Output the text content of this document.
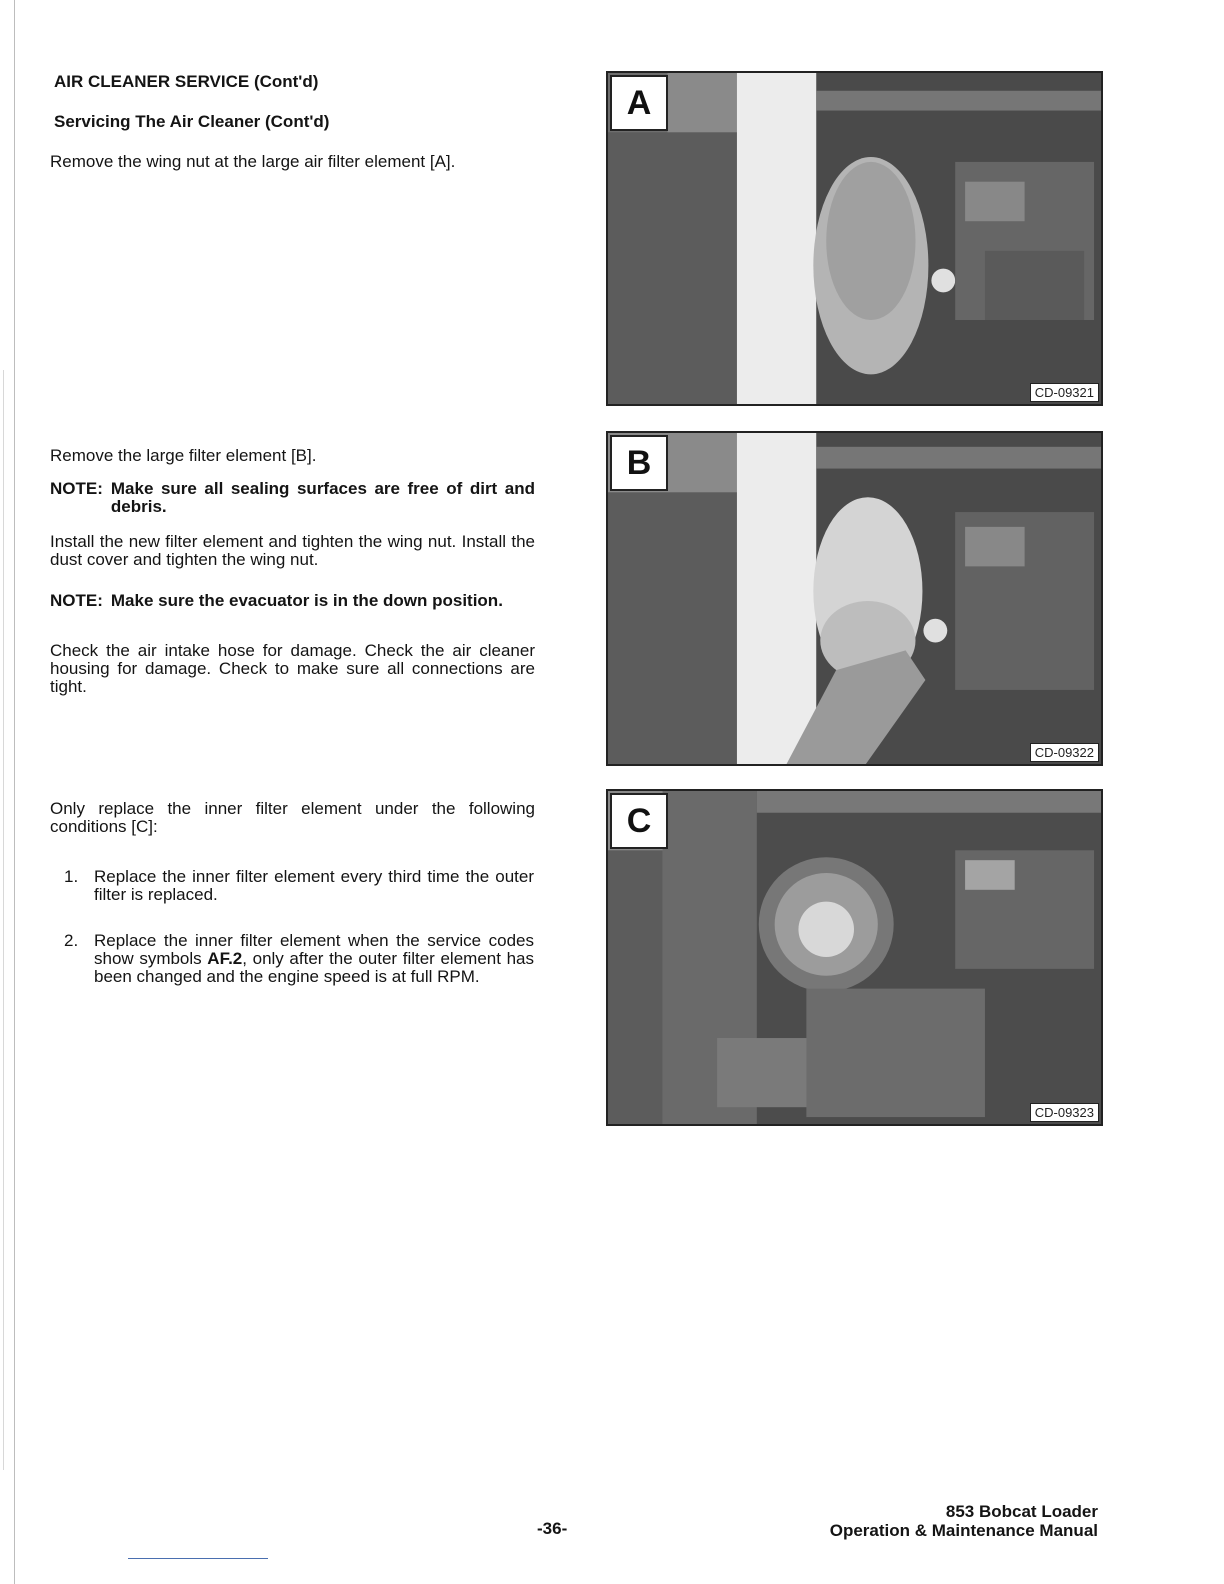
AIR CLEANER SERVICE (Cont'd)
Servicing The Air Cleaner (Cont'd)

Remove the wing nut at the large air filter element [A].

Remove the large filter element [B].

NOTE: Make sure all sealing surfaces are free of dirt and debris.

Install the new filter element and tighten the wing nut. Install the dust cover and tighten the wing nut.

NOTE: Make sure the evacuator is in the down position.

Check the air intake hose for damage. Check the air cleaner housing for damage. Check to make sure all connections are tight.

Only replace the inner filter element under the following conditions [C]:

1. Replace the inner filter element every third time the outer filter is replaced.
2. Replace the inner filter element when the service codes show symbols AF.2, only after the outer filter element has been changed and the engine speed is at full RPM.
A
CD-09321
B
CD-09322
C
CD-09323
-36-
853 Bobcat Loader
Operation & Maintenance Manual
